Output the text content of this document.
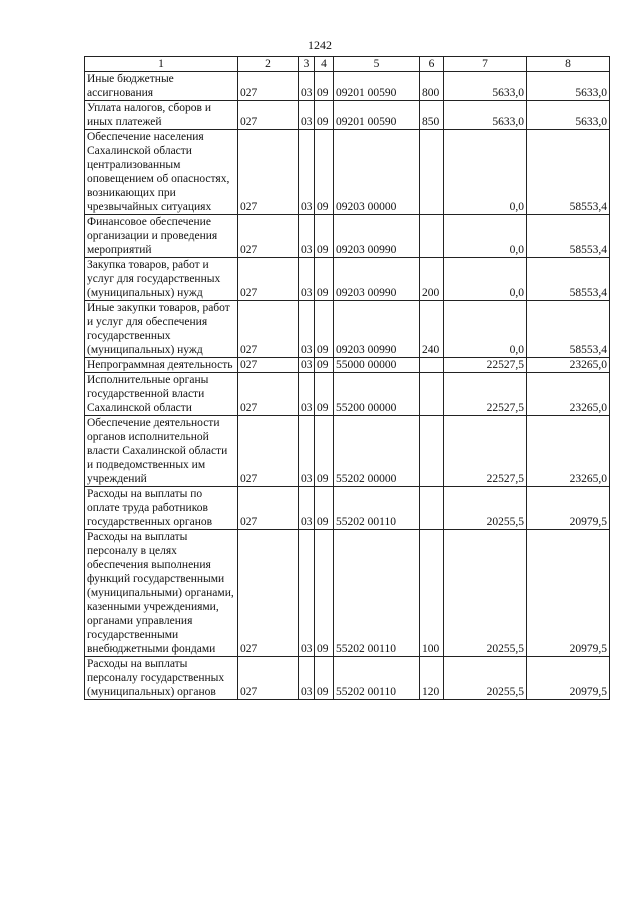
1242
1	2	3	4	5	6	7	8
Иные бюджетные ассигнования	027	03	09	09201 00590	800	5633,0	5633,0
Уплата налогов, сборов и иных платежей	027	03	09	09201 00590	850	5633,0	5633,0
Обеспечение населения Сахалинской области централизованным оповещением об опасностях, возникающих при чрезвычайных ситуациях	027	03	09	09203 00000		0,0	58553,4
Финансовое обеспечение организации и проведения мероприятий	027	03	09	09203 00990		0,0	58553,4
Закупка товаров, работ и услуг для государственных (муниципальных) нужд	027	03	09	09203 00990	200	0,0	58553,4
Иные закупки товаров, работ и услуг для обеспечения государственных (муниципальных) нужд	027	03	09	09203 00990	240	0,0	58553,4
Непрограммная деятельность	027	03	09	55000 00000		22527,5	23265,0
Исполнительные органы государственной власти Сахалинской области	027	03	09	55200 00000		22527,5	23265,0
Обеспечение деятельности органов исполнительной власти Сахалинской области и подведомственных им учреждений	027	03	09	55202 00000		22527,5	23265,0
Расходы на выплаты по оплате труда работников государственных органов	027	03	09	55202 00110		20255,5	20979,5
Расходы на выплаты персоналу в целях обеспечения выполнения функций государственными (муниципальными) органами, казенными учреждениями, органами управления государственными внебюджетными фондами	027	03	09	55202 00110	100	20255,5	20979,5
Расходы на выплаты персоналу государственных (муниципальных) органов	027	03	09	55202 00110	120	20255,5	20979,5
